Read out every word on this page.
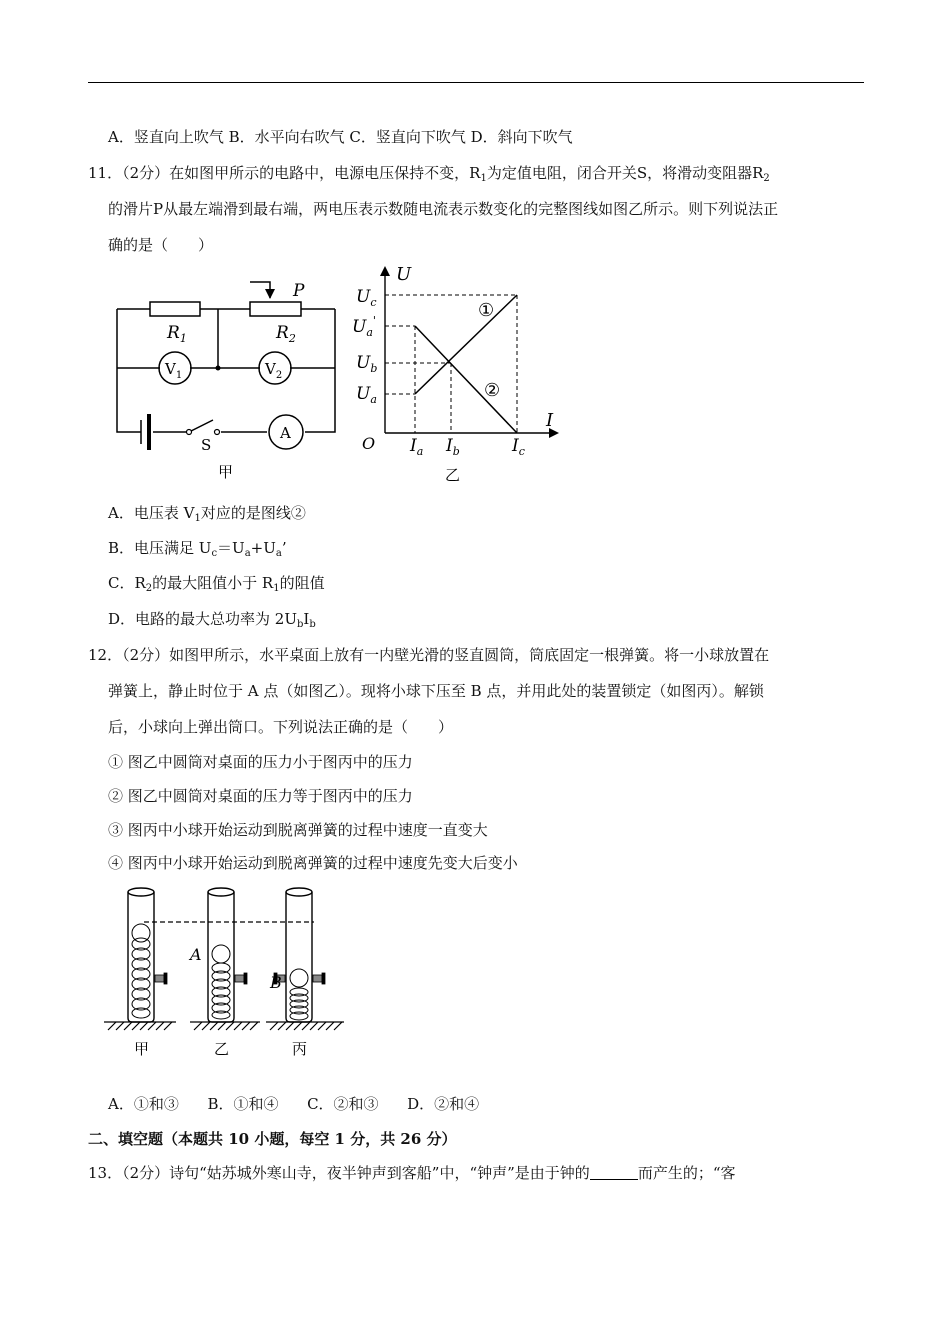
A．竖直向上吹气 B．水平向右吹气 C．竖直向下吹气 D．斜向下吹气
11．（2分）在如图甲所示的电路中，电源电压保持不变，$R_1$为定值电阻，闭合开关S，将滑动变阻器$R_2$
的滑片P从最左端滑到最右端，两电压表示数随电流表示数变化的完整图线如图乙所示。则下列说法正
确的是（　　）
$R_1$	$R_2$
P
$V_1$	$V_2$
A
S
甲
U
I
O
$U_c$
$U_a'$
$U_b$
$U_a$
$I_a$ $I_b$	$I_c$
①
②
乙
A．电压表 $V_1$对应的是图线②
B．电压满足 $U_c=U_a+U_a$’
C．$R_2$的最大阻值小于 $R_1$的阻值
D．电路的最大总功率为 $2U_bI_b$
12．（2分）如图甲所示，水平桌面上放有一内壁光滑的竖直圆筒，筒底固定一根弹簧。将一小球放置在
弹簧上，静止时位于 A 点（如图乙）。现将小球下压至 B 点，并用此处的装置锁定（如图丙）。解锁
后，小球向上弹出筒口。下列说法正确的是（　　）
① 图乙中圆筒对桌面的压力小于图丙中的压力
② 图乙中圆筒对桌面的压力等于图丙中的压力
③ 图丙中小球开始运动到脱离弹簧的过程中速度一直变大
④ 图丙中小球开始运动到脱离弹簧的过程中速度先变大后变小
A
B
甲	乙	丙
A．①和③      B．①和④      C．②和③      D．②和④
二、填空题（本题共 10 小题，每空 1 分，共 26 分）
13．（2分）诗句“姑苏城外寒山寺，夜半钟声到客船”中，“钟声”是由于钟的	而产生的；“客
